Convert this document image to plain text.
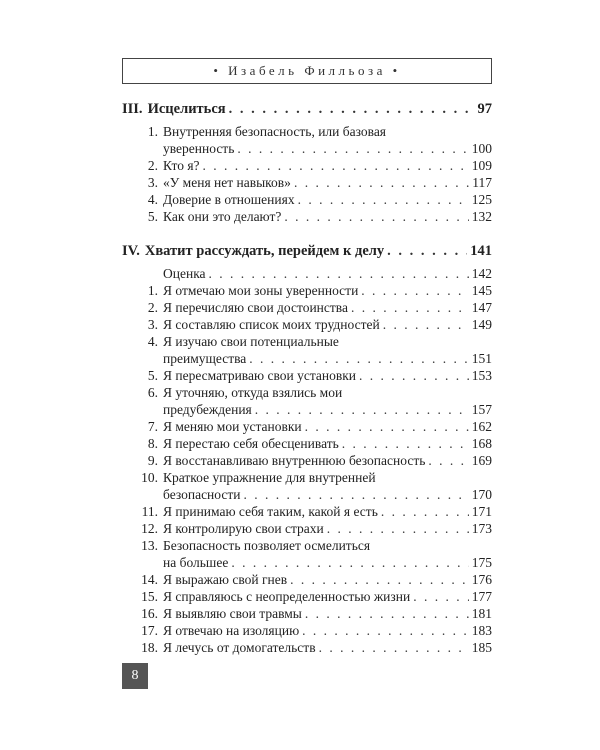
• Изабель Филльоза •
III. Исцелиться . . .	97
1. Внутренняя безопасность, или базовая
уверенность . . .	100
2. Кто я? . . .	109
3. «У меня нет навыков» . . .	117
4. Доверие в отношениях . . .	125
5. Как они это делают? . . .	132
IV. Хватит рассуждать, перейдем к делу . . .	141
Оценка . . .	142
1. Я отмечаю мои зоны уверенности . . .	145
2. Я перечисляю свои достоинства . . .	147
3. Я составляю список моих трудностей . . .	149
4. Я изучаю свои потенциальные
преимущества . . .	151
5. Я пересматриваю свои установки . . .	153
6. Я уточняю, откуда взялись мои
предубеждения . . .	157
7. Я меняю мои установки . . .	162
8. Я перестаю себя обесценивать . . .	168
9. Я восстанавливаю внутреннюю безопасность . . .	169
10. Краткое упражнение для внутренней
безопасности . . .	170
11. Я принимаю себя таким, какой я есть . . .	171
12. Я контролирую свои страхи . . .	173
13. Безопасность позволяет осмелиться
на большее . . .	175
14. Я выражаю свой гнев . . .	176
15. Я справляюсь с неопределенностью жизни . . .	177
16. Я выявляю свои травмы . . .	181
17. Я отвечаю на изоляцию . . .	183
18. Я лечусь от домогательств . . .	185
8
